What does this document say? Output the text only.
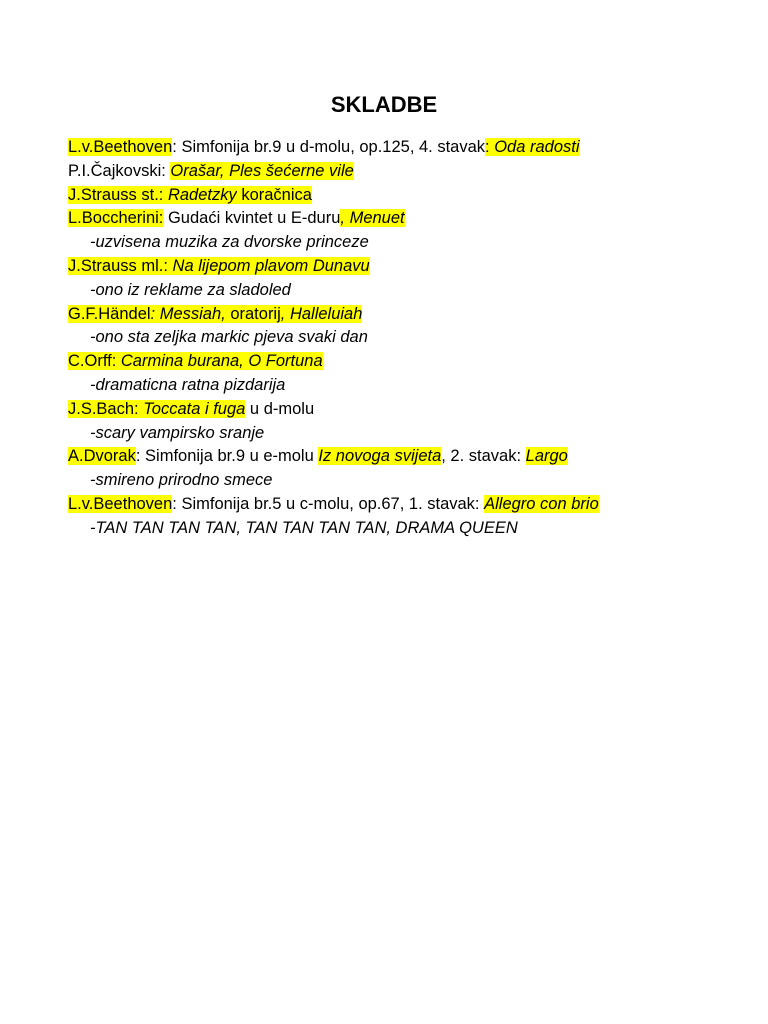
SKLADBE
L.v.Beethoven: Simfonija br.9 u d-molu, op.125, 4. stavak: Oda radosti
P.I.Čajkovski: Orašar, Ples šećerne vile
J.Strauss st.: Radetzky koračnica
L.Boccherini: Gudaći kvintet u E-duru, Menuet
-uzvisena muzika za dvorske princeze
J.Strauss ml.: Na lijepom plavom Dunavu
-ono iz reklame za sladoled
G.F.Händel: Messiah, oratorij, Halleluiah
-ono sta zeljka markic pjeva svaki dan
C.Orff: Carmina burana, O Fortuna
-dramaticna ratna pizdarija
J.S.Bach: Toccata i fuga u d-molu
-scary vampirsko sranje
A.Dvorak: Simfonija br.9 u e-molu Iz novoga svijeta, 2. stavak: Largo
-smireno prirodno smece
L.v.Beethoven: Simfonija br.5 u c-molu, op.67, 1. stavak: Allegro con brio
-TAN TAN TAN TAN, TAN TAN TAN TAN, DRAMA QUEEN
